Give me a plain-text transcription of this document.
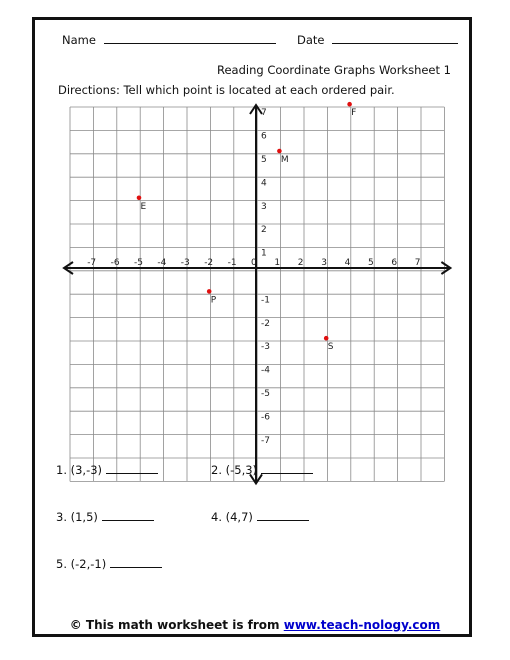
Name	Date
Reading Coordinate Graphs Worksheet 1
Directions: Tell which point is located at each ordered pair.
-7 -6 -5 -4 -3 -2 -1 0 1 2 3 4 5 6 7
7
6
5
4
3
2
1
-1
-2
-3
-4
-5
-6
-7
F
M
E
P
S
1. (3,-3)	2. (-5,3)
3. (1,5)	4. (4,7)
5. (-2,-1)
© This math worksheet is from www.teach-nology.com
